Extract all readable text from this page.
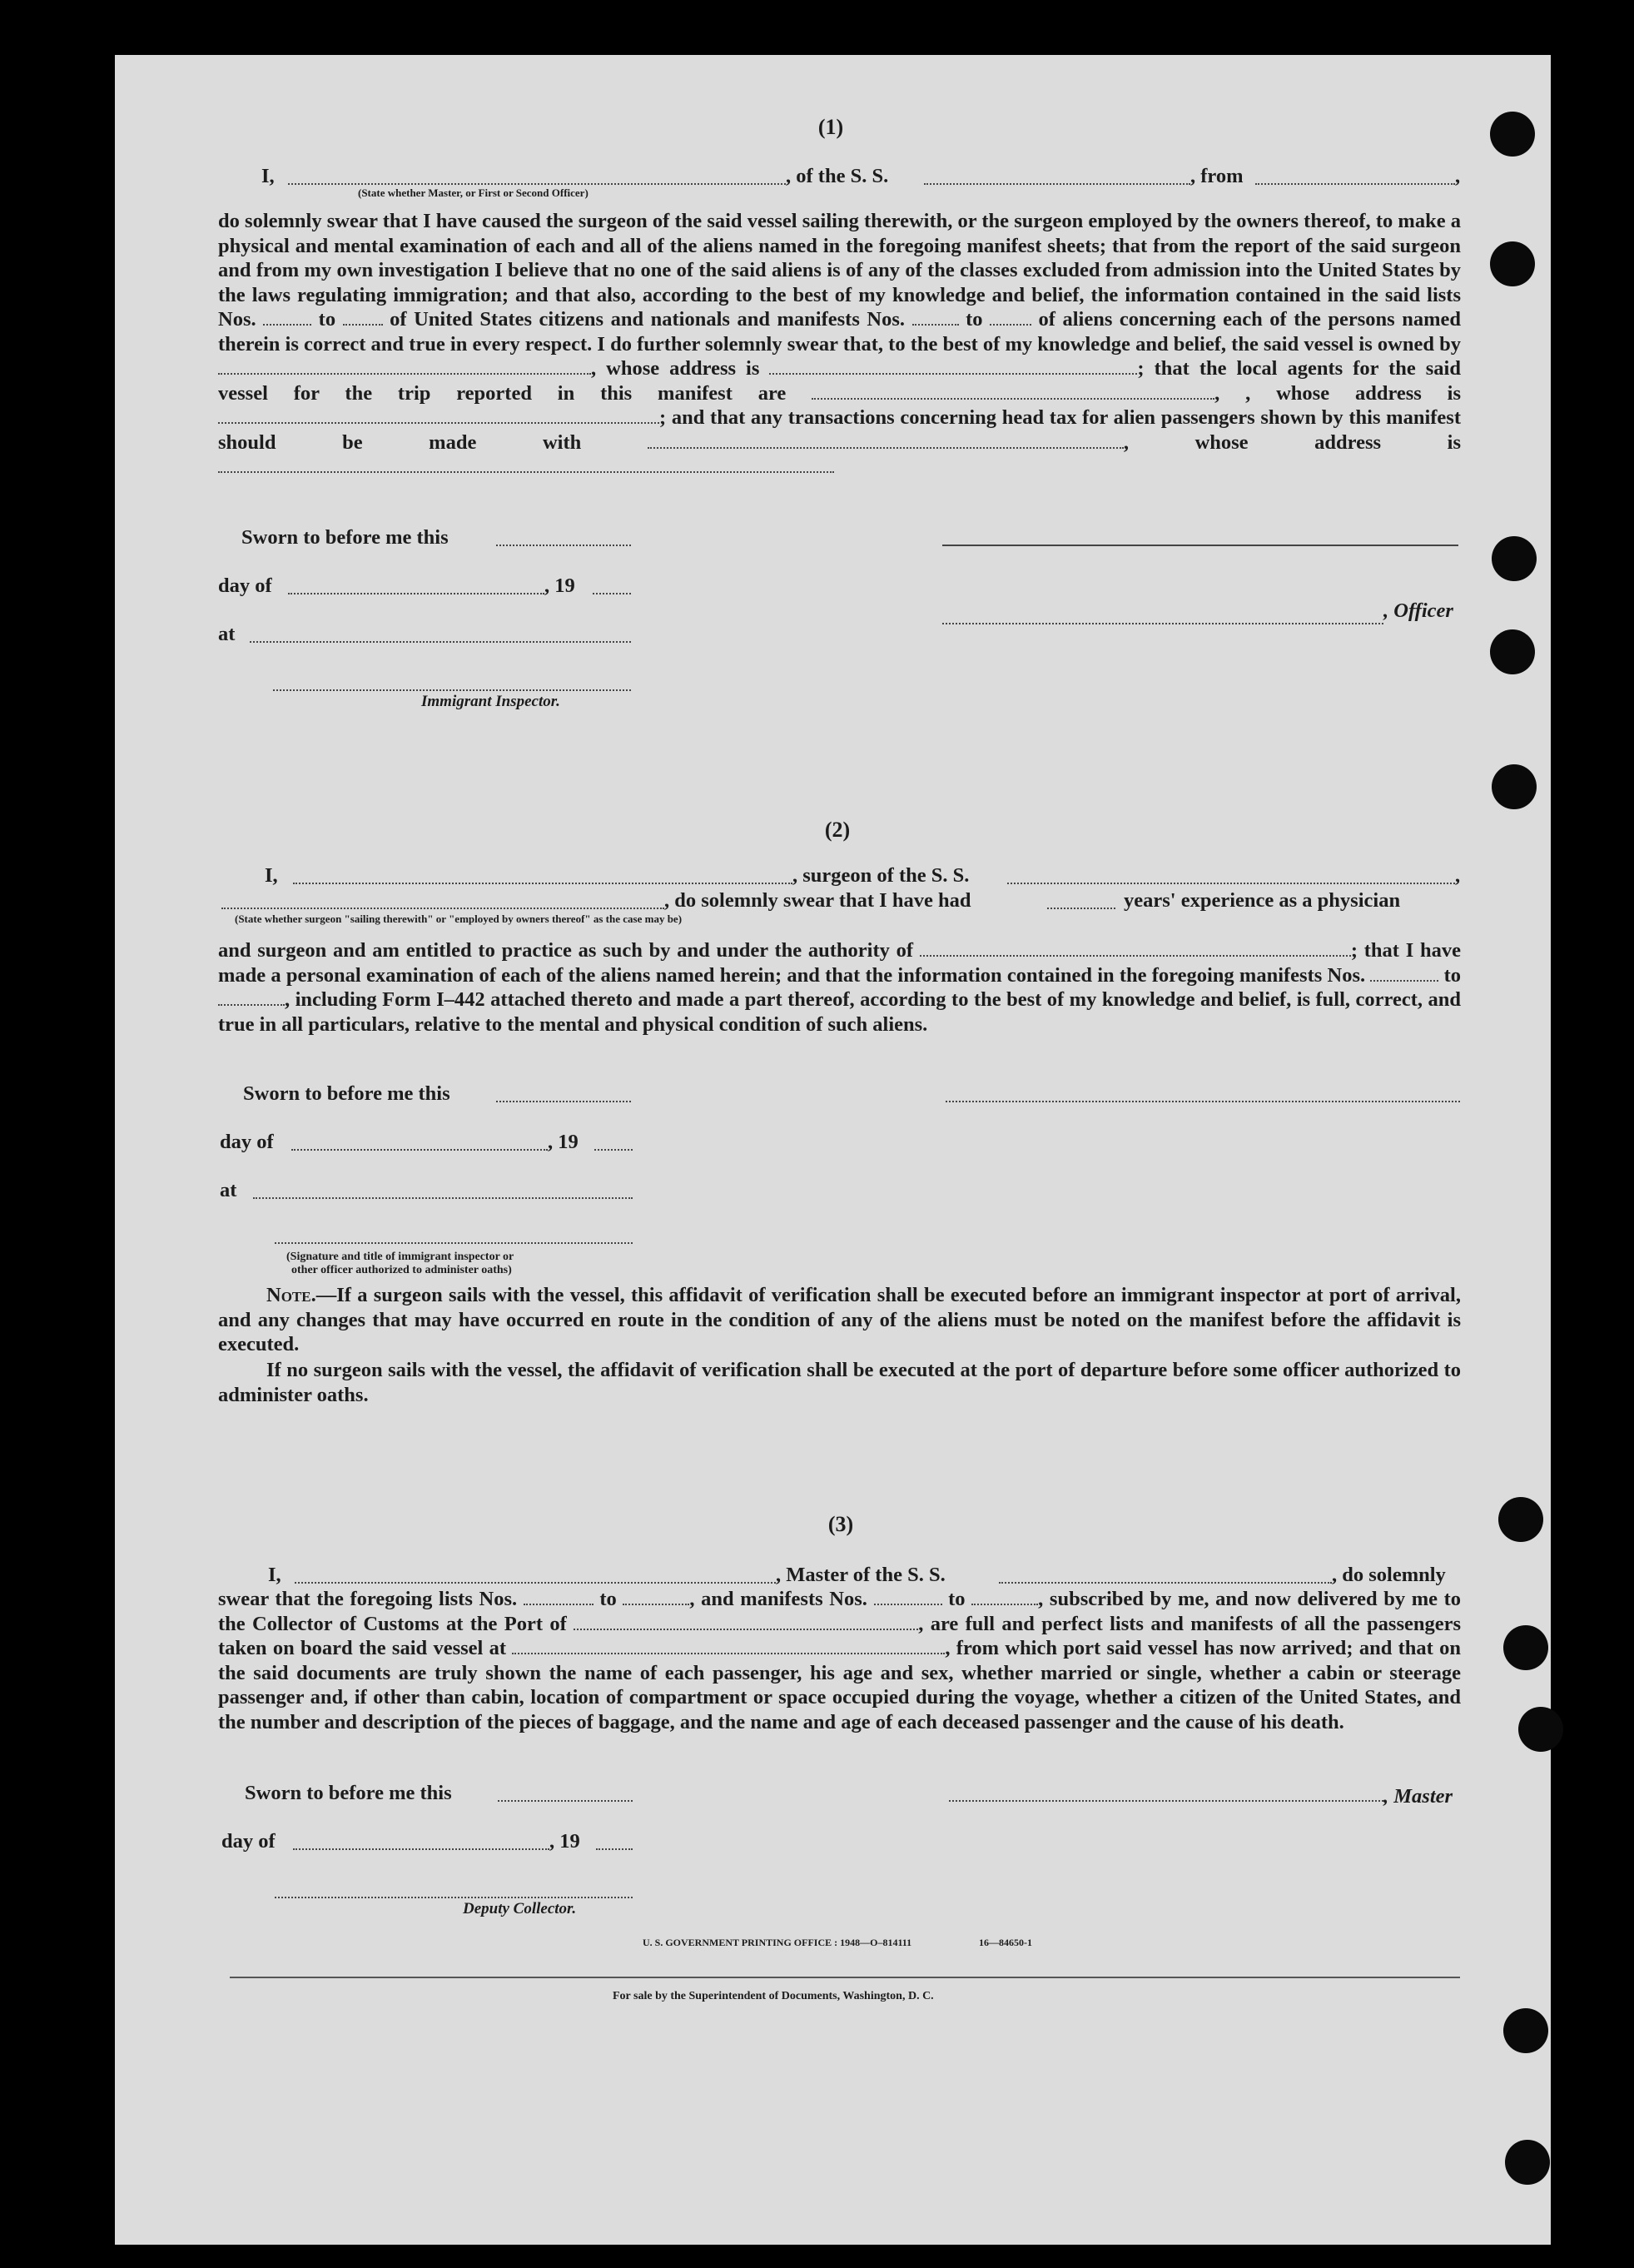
(1)
I,	, of the S. S.	, from	,
(State whether Master, or First or Second Officer)
do solemnly swear that I have caused the surgeon of the said vessel sailing therewith, or the surgeon employed by the owners thereof, to make a physical and mental examination of each and all of the aliens named in the foregoing manifest sheets; that from the report of the said surgeon and from my own investigation I believe that no one of the said aliens is of any of the classes excluded from admission into the United States by the laws regulating immigration; and that also, according to the best of my knowledge and belief, the information contained in the said lists Nos.	to	of United States citizens and nationals and manifests Nos.	to	of aliens concerning each of the persons named therein is correct and true in every respect. I do further solemnly swear that, to the best of my knowledge and belief, the said vessel is owned by , whose address is	; that the local agents for the said vessel for the trip reported in this manifest are	, , whose address is ; and that any transactions concerning head tax for alien passengers shown by this manifest should be made with	, whose address is
Sworn to before me this
day of	, 19
, Officer
at
Immigrant Inspector.
(2)
I,	, surgeon of the S. S.	,
, do solemnly swear that I have had	years' experience as a physician
(State whether surgeon "sailing therewith" or "employed by owners thereof" as the case may be)
and surgeon and am entitled to practice as such by and under the authority of	; that I have made a personal examination of each of the aliens named herein; and that the information contained in the foregoing manifests Nos.	to , including Form I–442 attached thereto and made a part thereof, according to the best of my knowledge and belief, is full, correct, and true in all particulars, relative to the mental and physical condition of such aliens.
Sworn to before me this
day of	, 19
at
(Signature and title of immigrant inspector or
other officer authorized to administer oaths)
Note.—If a surgeon sails with the vessel, this affidavit of verification shall be executed before an immigrant inspector at port of arrival, and any changes that may have occurred en route in the condition of any of the aliens must be noted on the manifest before the affidavit is executed.
If no surgeon sails with the vessel, the affidavit of verification shall be executed at the port of departure before some officer authorized to administer oaths.
(3)
I,	, Master of the S. S.	, do solemnly
swear that the foregoing lists Nos.	to	, and manifests Nos.	to	, subscribed by me, and now delivered by me to the Collector of Customs at the Port of	, are full and perfect lists and manifests of all the passengers taken on board the said vessel at	, from which port said vessel has now arrived; and that on the said documents are truly shown the name of each passenger, his age and sex, whether married or single, whether a cabin or steerage passenger and, if other than cabin, location of compartment or space occupied during the voyage, whether a citizen of the United States, and the number and description of the pieces of baggage, and the name and age of each deceased passenger and the cause of his death.
Sworn to before me this	, Master
day of	, 19
Deputy Collector.
U. S. GOVERNMENT PRINTING OFFICE : 1948—O–814111	16—84650-1
For sale by the Superintendent of Documents, Washington, D. C.
